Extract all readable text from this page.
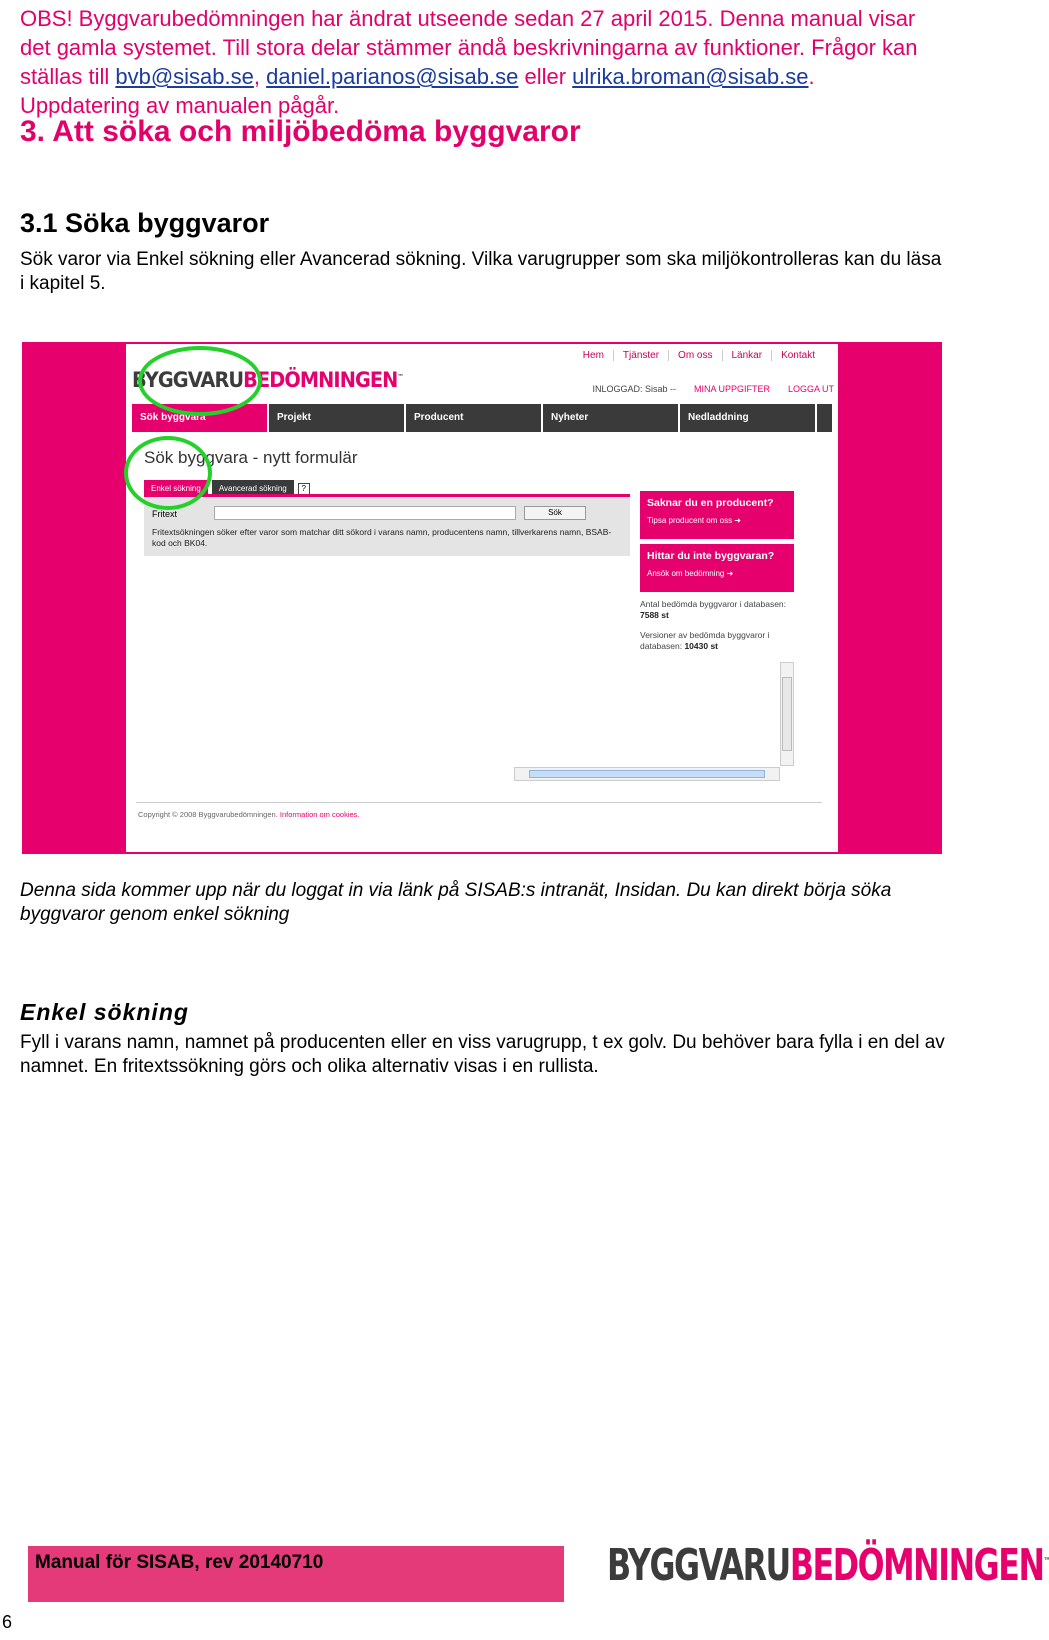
OBS! Byggvarubedömningen har ändrat utseende sedan 27 april 2015. Denna manual visar det gamla systemet. Till stora delar stämmer ändå beskrivningarna av funktioner. Frågor kan ställas till bvb@sisab.se, daniel.parianos@sisab.se eller ulrika.broman@sisab.se. Uppdatering av manualen pågår.
3. Att söka och miljöbedöma byggvaror
3.1 Söka byggvaror
Sök varor via Enkel sökning eller Avancerad sökning. Vilka varugrupper som ska miljökontrolleras kan du läsa i kapitel 5.
Hem	Tjänster	Om oss	Länkar	Kontakt
BYGGVARUBEDÖMNINGEN™
INLOGGAD: Sisab -- MINA UPPGIFTER LOGGA UT
Sök byggvara	Projekt	Producent	Nyheter	Nedladdning
Sök byggvara - nytt formulär
Enkel sökning	Avancerad sökning	?
Fritext	Sök
Fritextsökningen söker efter varor som matchar ditt sökord i varans namn, producentens namn, tillverkarens namn, BSAB-kod och BK04.
Saknar du en producent?
Tipsa producent om oss ➜
Hittar du inte byggvaran?
Ansök om bedömning ➜
Antal bedömda byggvaror i databasen:
7588 st
Versioner av bedömda byggvaror i databasen: 10430 st
Copyright © 2008 Byggvarubedömningen. Information om cookies.
Denna sida kommer upp när du loggat in via länk på SISAB:s intranät, Insidan. Du kan direkt börja söka byggvaror genom enkel sökning
Enkel sökning
Fyll i varans namn, namnet på producenten eller en viss varugrupp, t ex golv. Du behöver bara fylla i en del av namnet. En fritextssökning görs och olika alternativ visas i en rullista.
Manual för SISAB, rev 20140710	BYGGVARUBEDÖMNINGEN™
6
